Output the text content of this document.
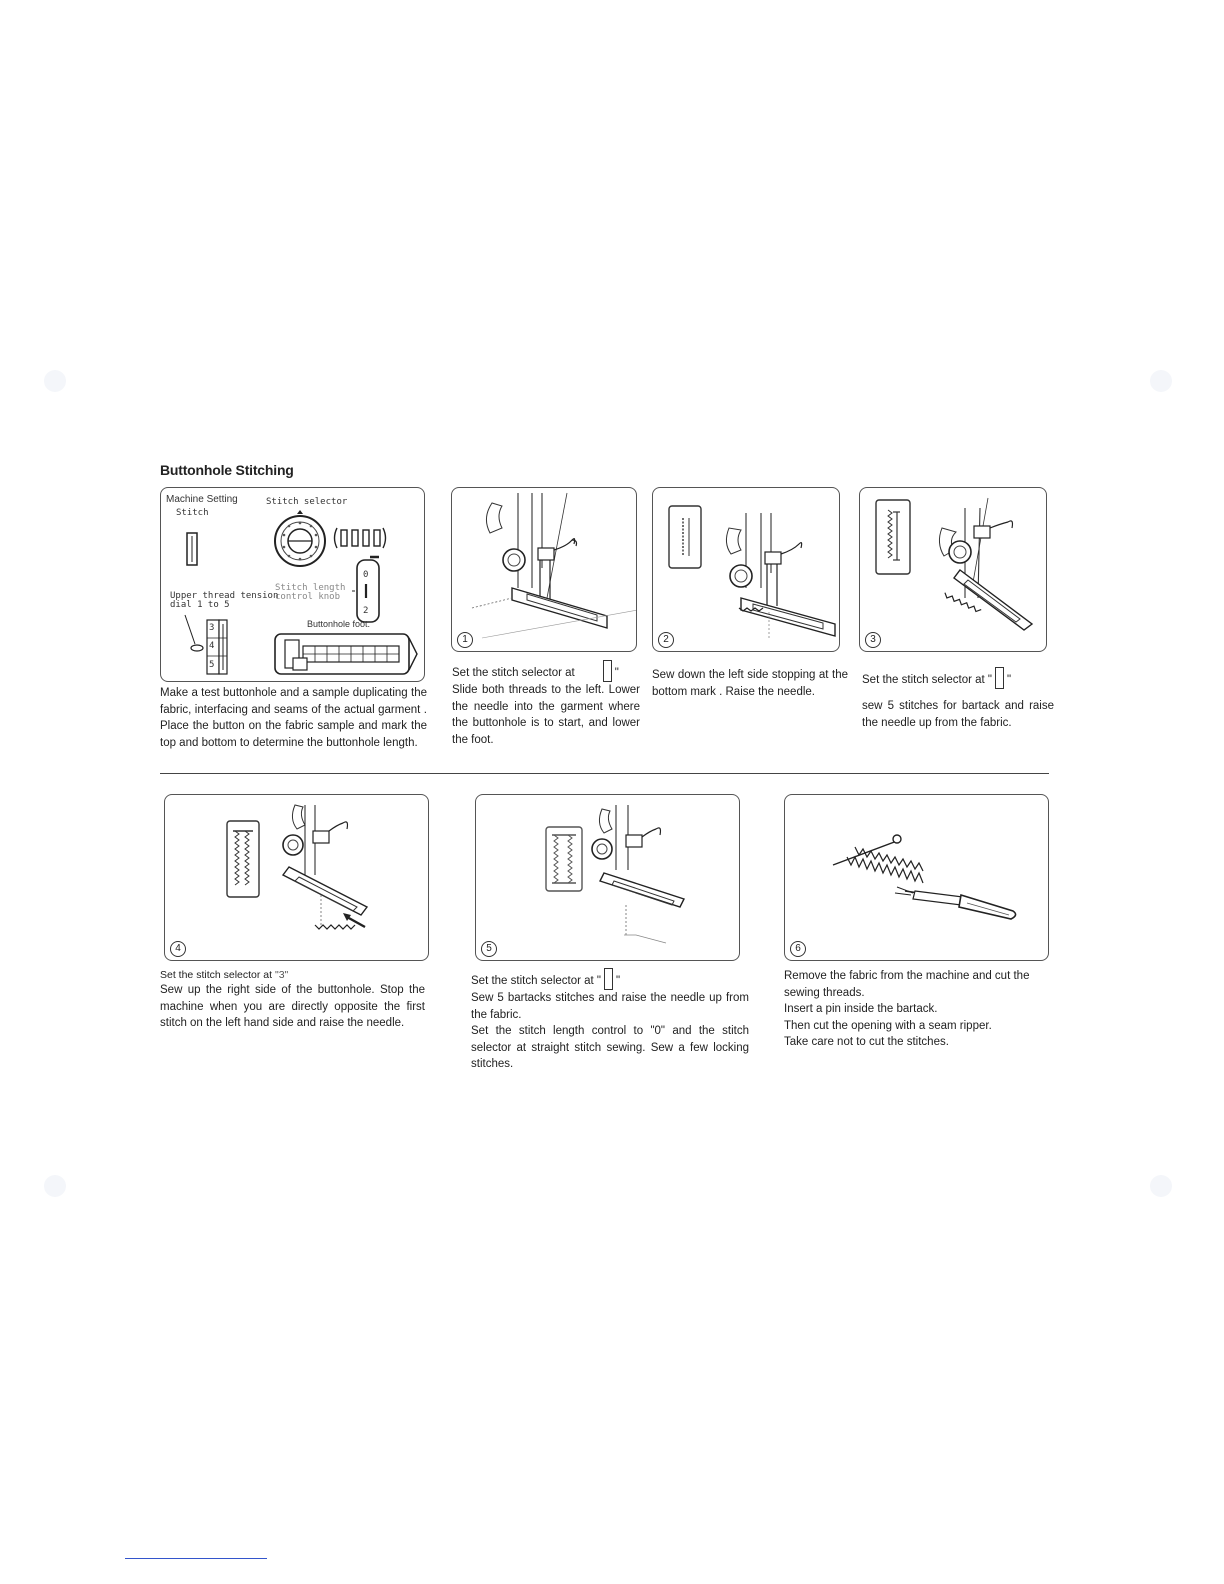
Buttonhole Stitching
Machine Setting
Stitch
Stitch selector
Stitch length
control knob
Upper thread tension
dial 1 to 5
Buttonhole foot.
3
4
5
0
2
Make a test buttonhole and a sample duplicating the fabric, interfacing and seams of the actual garment . Place the button on the fabric sample and mark the top and bottom to determine the buttonhole length.
1

Set the stitch selector at	"

Slide both threads to the left. Lower the needle into the garment where the buttonhole is to start, and lower the foot.

2

Sew down the left side stopping at the bottom mark . Raise the needle.

3

Set the stitch selector at " "

sew 5 stitches for bartack and raise the needle up from the fabric.

4

Set the stitch selector at "3"

Sew up the right side of the buttonhole. Stop the machine when you are directly opposite the first stitch on the left hand side and raise the needle.

5

Set the stitch selector at " "

Sew 5 bartacks stitches and raise the needle up from the fabric.

Set the stitch length control to "0" and the stitch selector at straight stitch sewing. Sew a few locking stitches.

6

Remove the fabric from the machine and cut the sewing threads.

Insert a pin inside the bartack.

Then cut the opening with a seam ripper.

Take care not to cut the stitches.
